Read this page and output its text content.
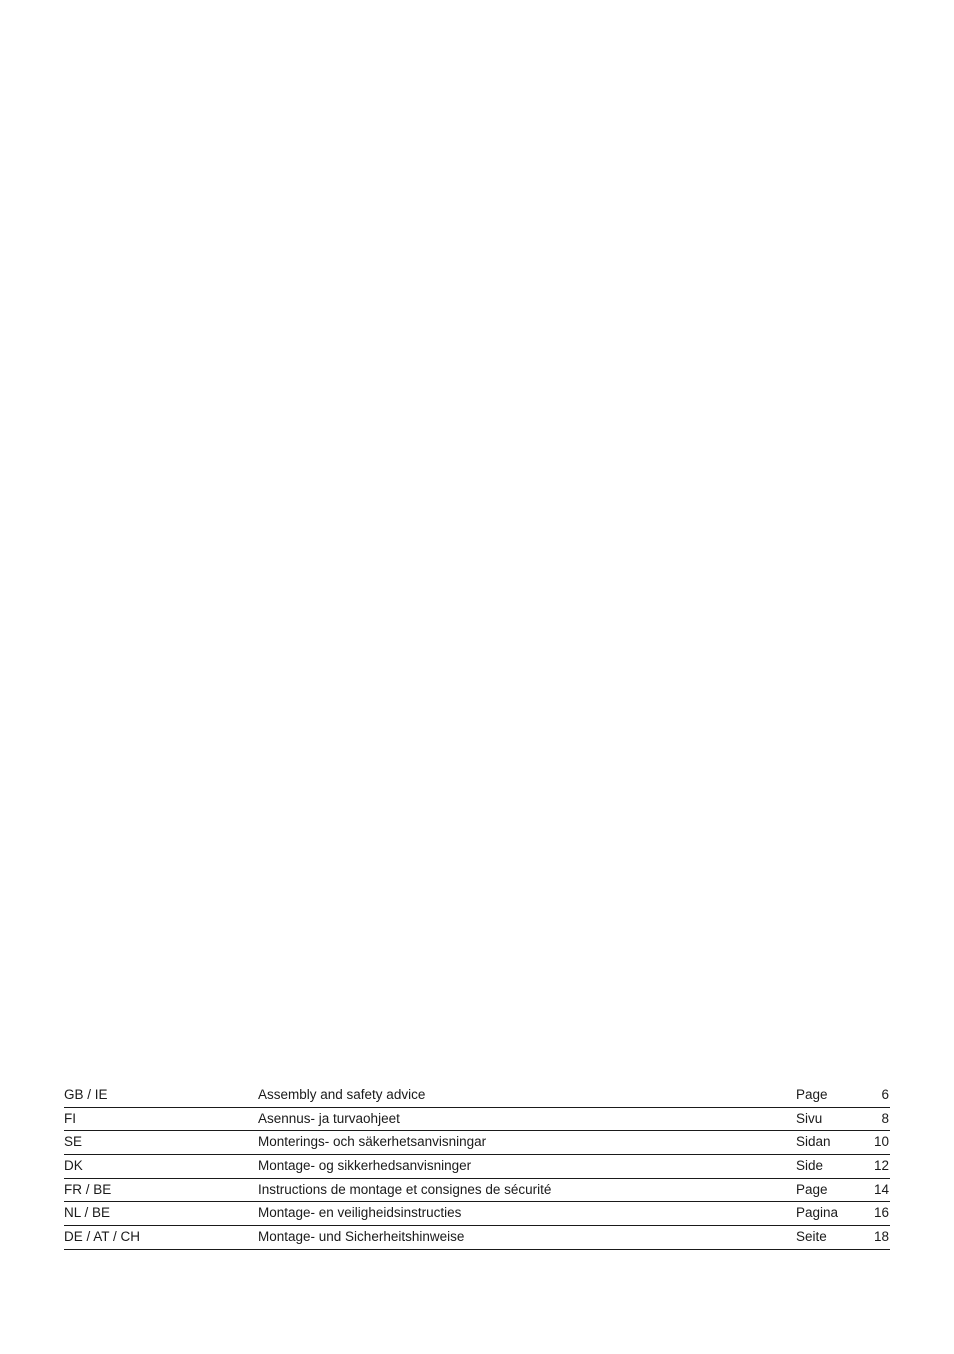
GB / IE	Assembly and safety advice	Page	6
FI	Asennus- ja turvaohjeet	Sivu	8
SE	Monterings- och säkerhetsanvisningar	Sidan	10
DK	Montage- og sikkerhedsanvisninger	Side	12
FR / BE	Instructions de montage et consignes de sécurité	Page	14
NL / BE	Montage- en veiligheidsinstructies	Pagina	16
DE / AT / CH	Montage- und Sicherheitshinweise	Seite	18
